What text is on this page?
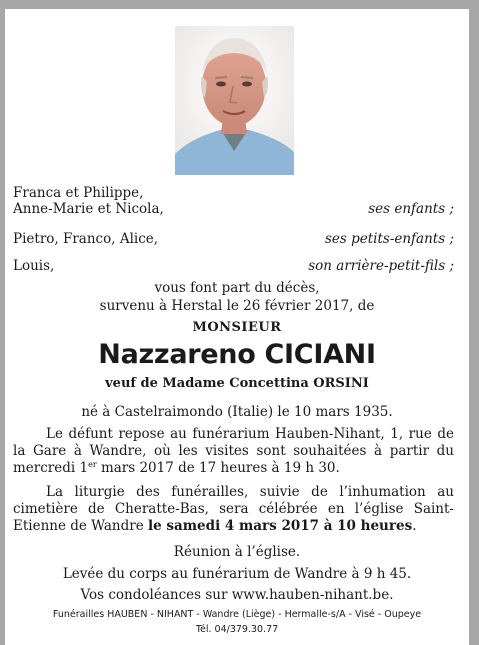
Franca et Philippe,
Anne-Marie et Nicola,	ses enfants ;
Pietro, Franco, Alice,	ses petits-enfants ;
Louis,	son arrière-petit-fils ;
vous font part du décès,
survenu à Herstal le 26 février 2017, de
MONSIEUR
Nazzareno CICIANI
veuf de Madame Concettina ORSINI
né à Castelraimondo (Italie) le 10 mars 1935.
Le défunt repose au funérarium Hauben-Nihant, 1, rue de la Gare à Wandre, où les visites sont souhaitées à partir du mercredi 1er mars 2017 de 17 heures à 19 h 30.
La liturgie des funérailles, suivie de l’inhumation au cimetière de Cheratte-Bas, sera célébrée en l’église Saint-Etienne de Wandre le samedi 4 mars 2017 à 10 heures.
Réunion à l’église.
Levée du corps au funérarium de Wandre à 9 h 45.
Vos condoléances sur www.hauben-nihant.be.
Funérailles HAUBEN - NIHANT - Wandre (Liège) - Hermalle-s/A - Visé - Oupeye
Tél. 04/379.30.77
